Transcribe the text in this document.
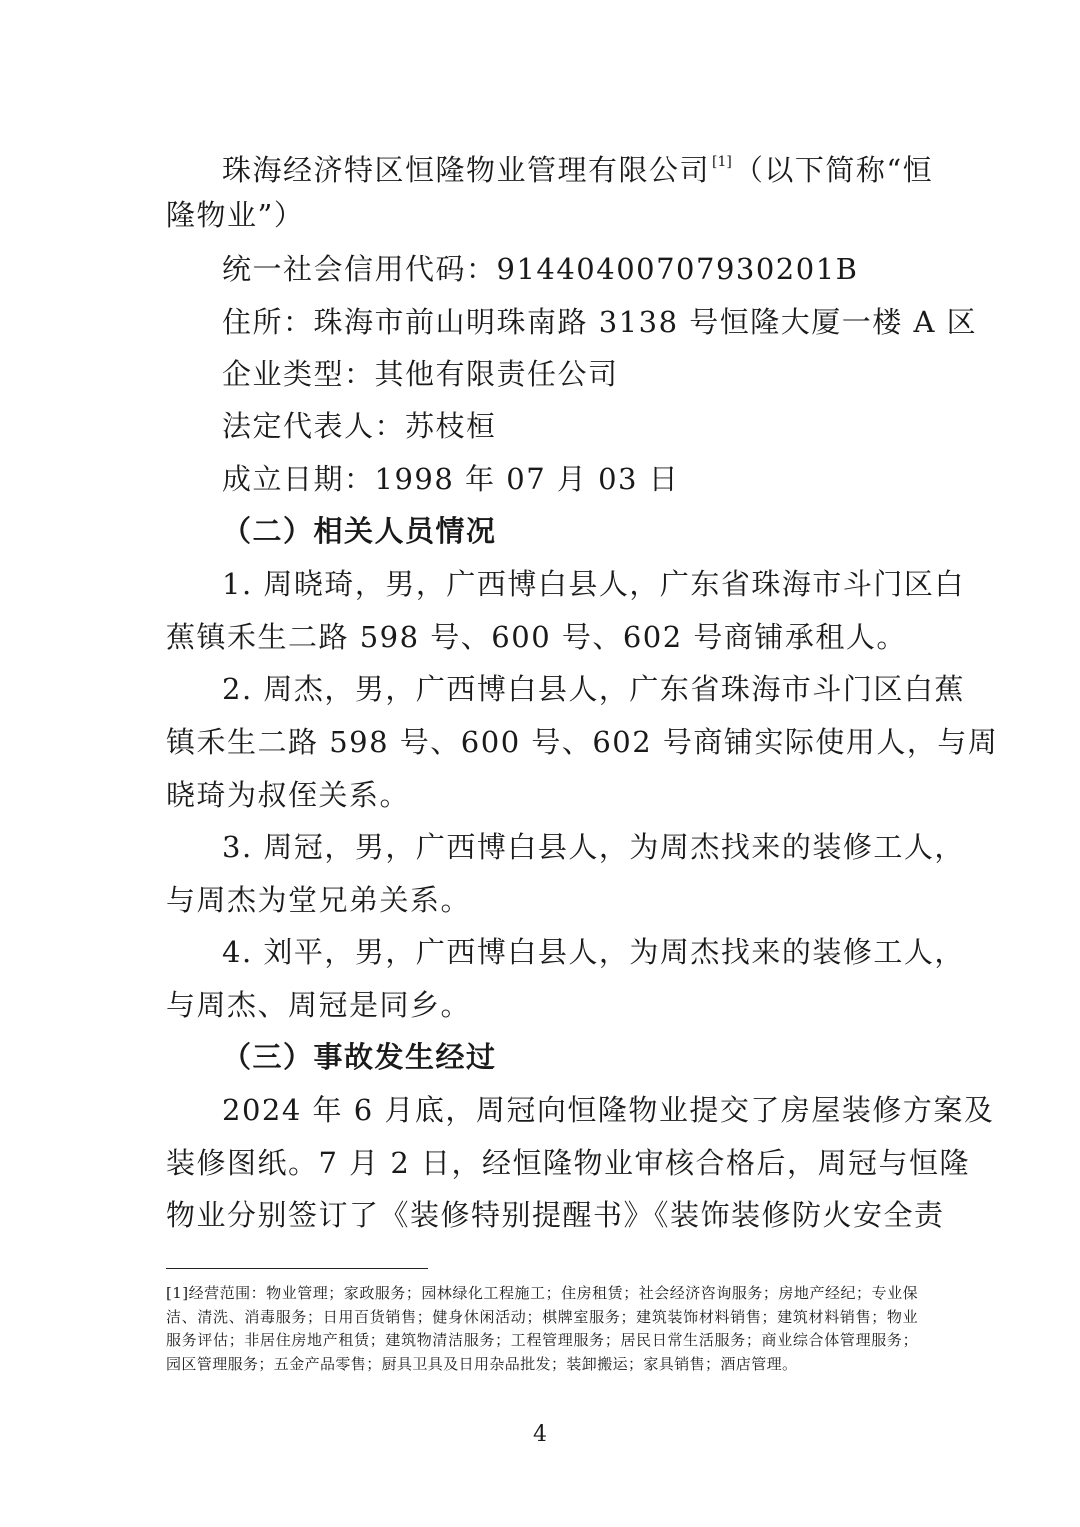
珠海经济特区恒隆物业管理有限公司 [1]（以下简称“恒
隆物业”）
统一社会信用代码：91440400707930201B
住所：珠海市前山明珠南路 3138 号恒隆大厦一楼 A 区
企业类型：其他有限责任公司
法定代表人：苏枝桓
成立日期：1998 年 07 月 03 日
（二）相关人员情况
1. 周晓琦，男，广西博白县人，广东省珠海市斗门区白
蕉镇禾生二路 598 号、600 号、602 号商铺承租人。
2. 周杰，男，广西博白县人，广东省珠海市斗门区白蕉
镇禾生二路 598 号、600 号、602 号商铺实际使用人，与周
晓琦为叔侄关系。
3. 周冠，男，广西博白县人，为周杰找来的装修工人，
与周杰为堂兄弟关系。
4. 刘平，男，广西博白县人，为周杰找来的装修工人，
与周杰、周冠是同乡。
（三）事故发生经过
2024 年 6 月底，周冠向恒隆物业提交了房屋装修方案及
装修图纸。7 月 2 日，经恒隆物业审核合格后，周冠与恒隆
物业分别签订了《装修特别提醒书》《装饰装修防火安全责
[1]经营范围：物业管理；家政服务；园林绿化工程施工；住房租赁；社会经济咨询服务；房地产经纪；专业保洁、清洗、消毒服务；日用百货销售；健身休闲活动；棋牌室服务；建筑装饰材料销售；建筑材料销售；物业服务评估；非居住房地产租赁；建筑物清洁服务；工程管理服务；居民日常生活服务；商业综合体管理服务；园区管理服务；五金产品零售；厨具卫具及日用杂品批发；装卸搬运；家具销售；酒店管理。
4
